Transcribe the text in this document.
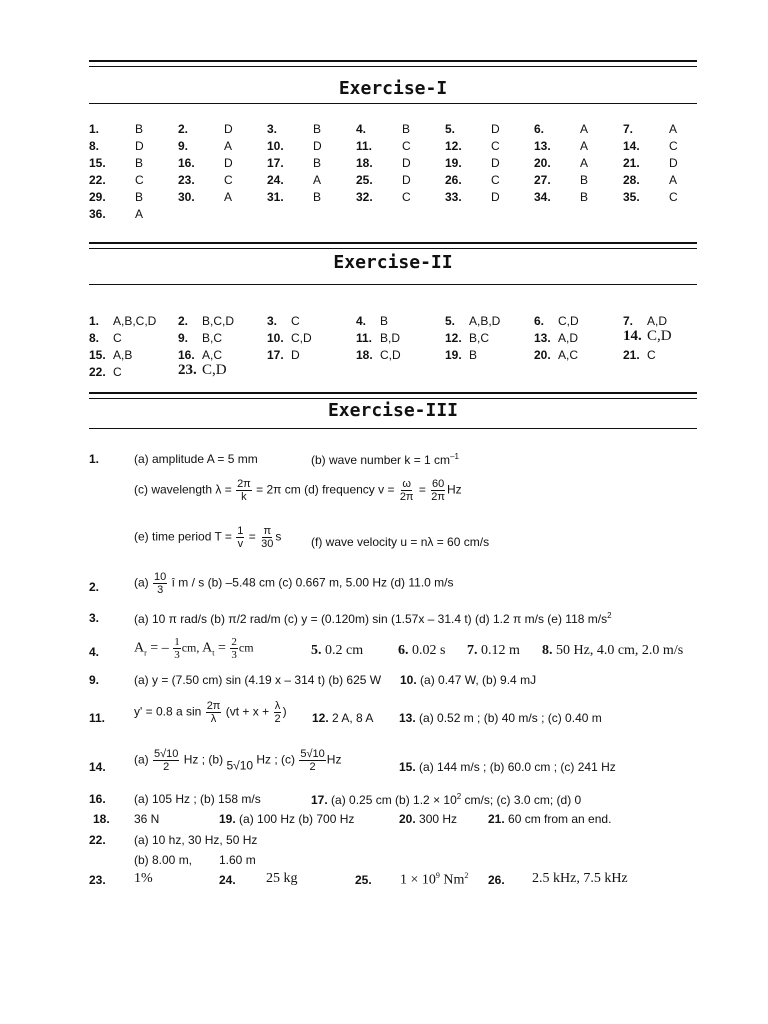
Exercise-I
1.	B	2.	D	3.	B	4.	B	5.	D	6.	A	7.	A
8.	D	9.	A	10. D	11. C	12. C	13. A	14. C
15. B	16. D	17. B	18. D	19. D	20. A	21. D
22. C	23. C	24. A	25. D	26. C	27. B	28. A
29. B	30. A	31. B	32. C	33. D	34. B	35. C
36. A
Exercise-II
1. A,B,C,D 2. B,C,D	3. C	4. B	5. A,B,D	6. C,D	7. A,D
8. C	9. B,C	10. C,D	11. B,D	12. B,C	13. A,D	14. C,D
15. A,B	16. A,C	17. D	18. C,D	19. B	20. A,C	21. C
22. C	23. C,D
Exercise-III
1.	(a) amplitude A = 5 mm	(b) wave number k = 1 $cm^{-1}$
(c) wavelength $\lambda = \frac{2\pi}{k} = 2\pi$ cm (d) frequency $v = \frac{\omega}{2\pi} = \frac{60}{2\pi}$ Hz
(e) time period $T = \frac{1}{v} = \frac{\pi}{30}$ s (f) wave velocity u = nλ = 60 cm/s
2.	$(a) \frac{10}{3}$ î m / s (b) –5.48 cm (c) 0.667 m, 5.00 Hz (d) 11.0 m/s
3.	(a) 10 π rad/s (b) π/2 rad/m (c) y = (0.120m) sin (1.57x – 31.4 t) (d) 1.2 π m/s (e) 118 $m/s^2$
4. $A_r$ = – $\frac{1}{3}$ cm, $A_t = \frac{2}{3}$ cm	5. 0.2 cm 6. 0.02 s 7. 0.12 m 8. 50 Hz, 4.0 cm, 2.0 m/s
9.	(a) y = (7.50 cm) sin (4.19 x – 314 t) (b) 625 W 10. (a) 0.47 W, (b) 9.4 mJ
11. y' = 0.8 a $\sin \frac{2\pi}{\lambda} (vt + x + \frac{\lambda}{2}$ ) 12. 2 A, 8 A 13. (a) 0.52 m ; (b) 40 m/s ; (c) 0.40 m
14.
$(a) \frac{5√10}{2}$ Hz ; (b) 5√10 Hz ; $(c) \frac{5√10}{2}$ Hz
15. (a) 144 m/s ; (b) 60.0 cm ; (c) 241 Hz
16. (a) 105 Hz ; (b) 158 m/s	17. (a) 0.25 cm (b) $1.2 \times 10^2$ cm/s; (c) 3.0 cm; (d) 0
18. 36 N	19. (a) 100 Hz (b) 700 Hz	20. 300 Hz	21. 60 cm from an end.
22. (a) 10 hz, 30 Hz, 50 Hz
(b) 8.00 m, 1.60 m
23. 1%	24. 25 kg	25. $1 \times 10^9$ Nm$^2$ 26. 2.5 kHz, 7.5 kHz
